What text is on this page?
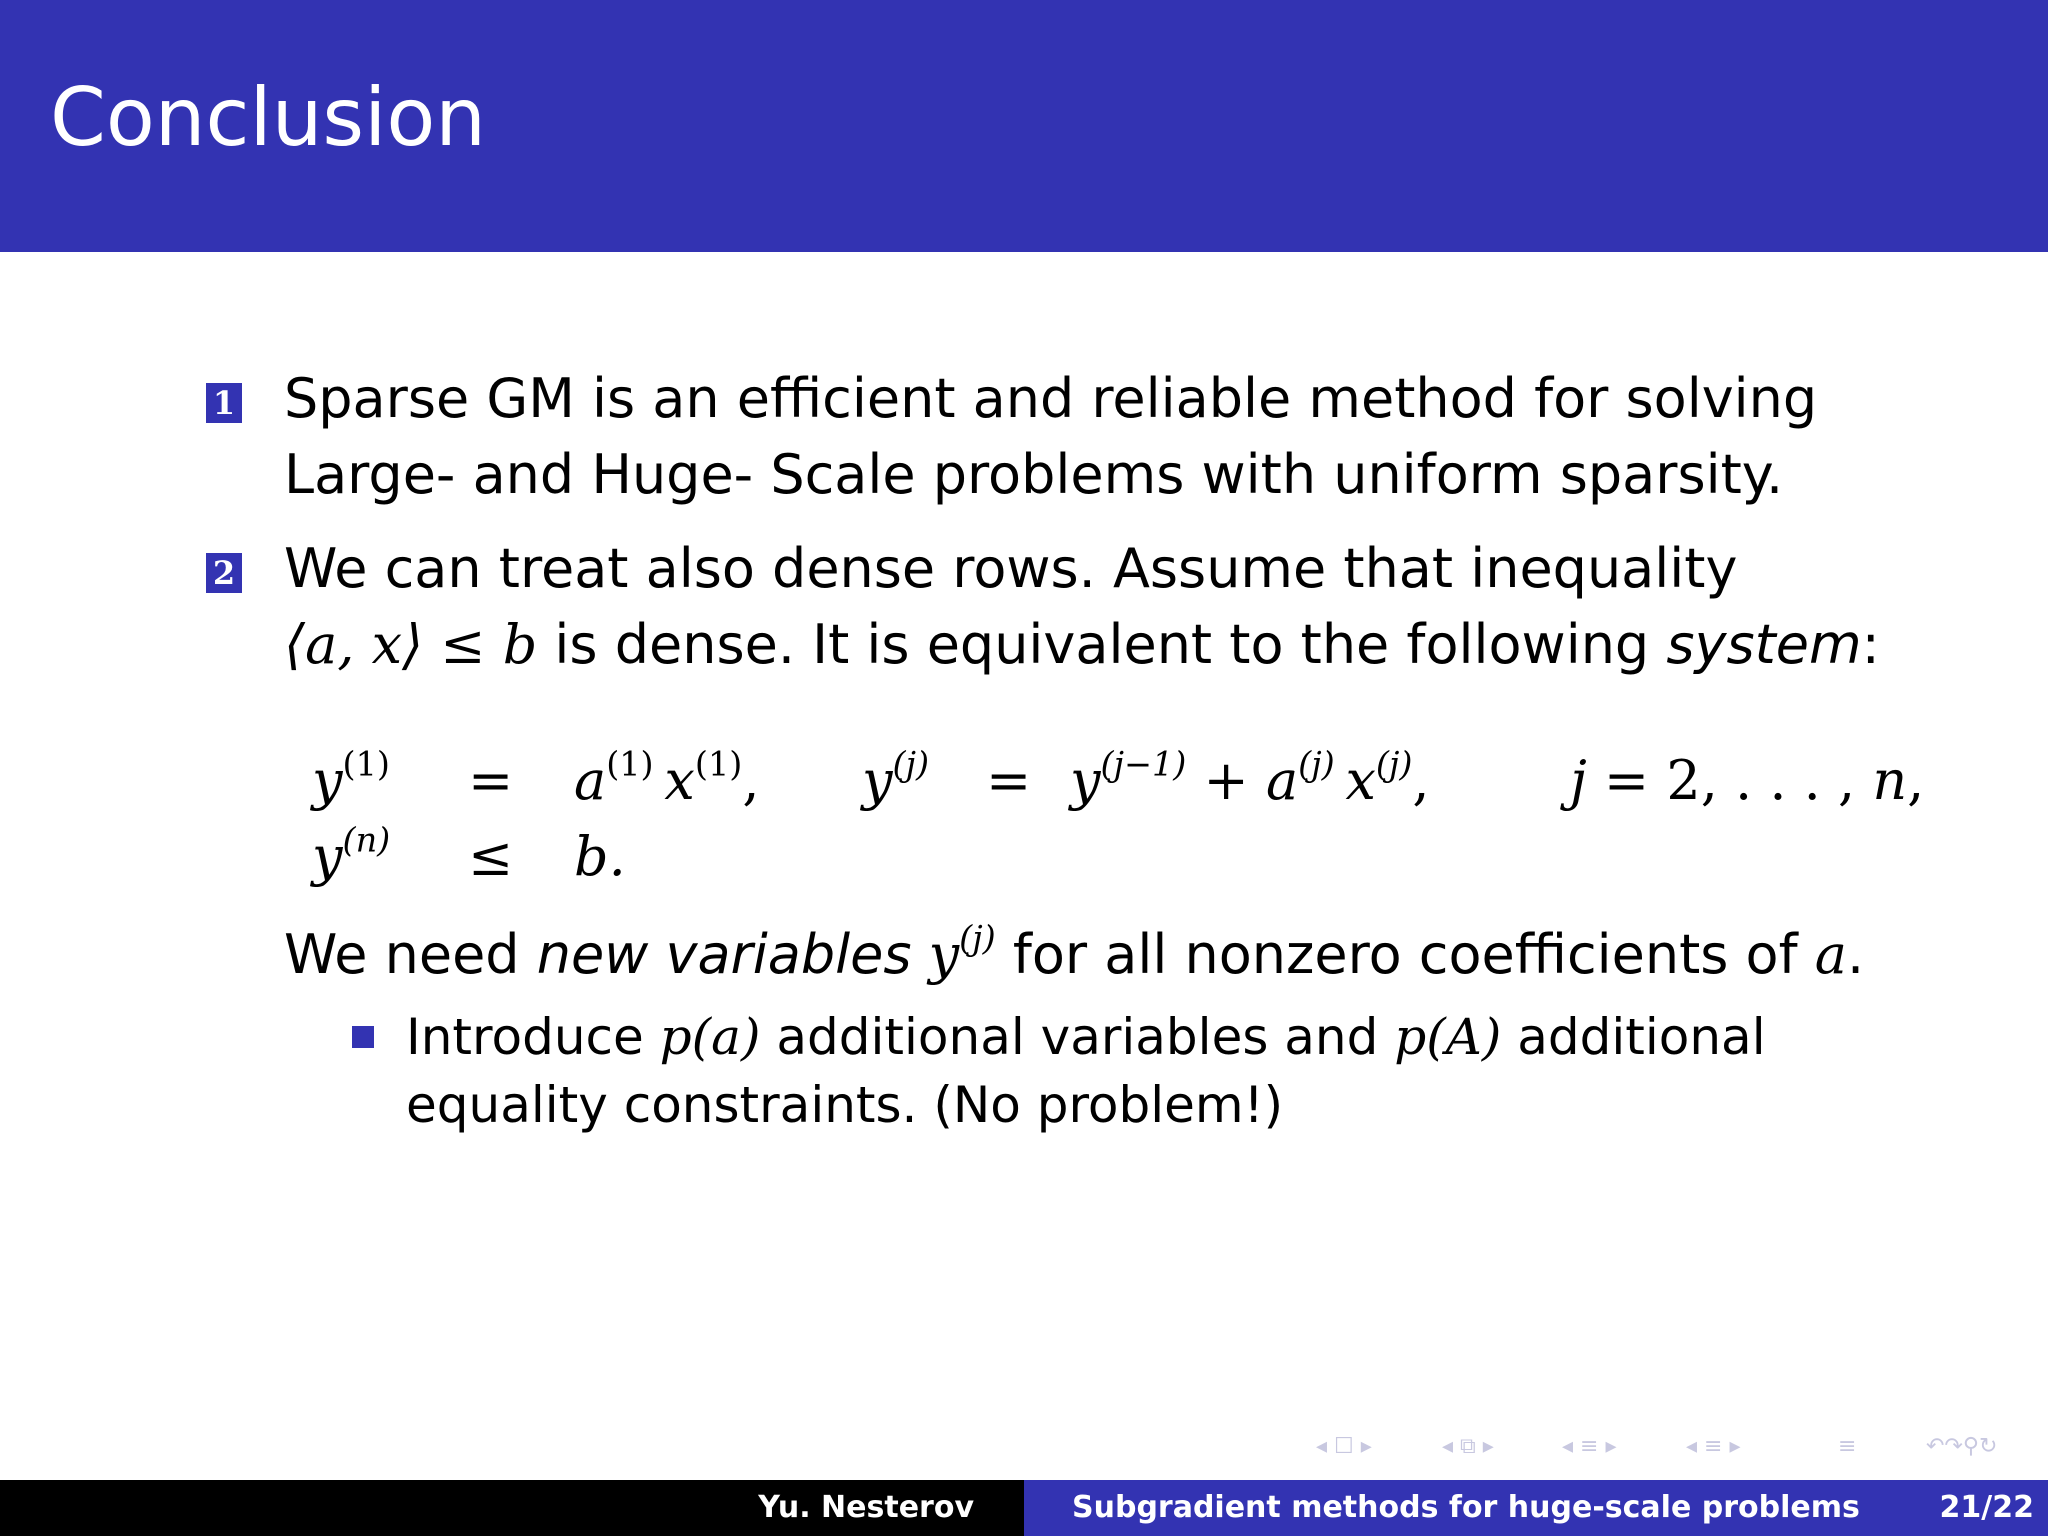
Conclusion
1 Sparse GM is an efficient and reliable method for solving
Large- and Huge- Scale problems with uniform sparsity.
2 We can treat also dense rows. Assume that inequality
⟨a, x⟩ ≤ b is dense. It is equivalent to the following system:
$y^{(1)} = a^{(1)}$  $x^{(1)}$, $y^{(j)} = y^{(j-1)} + a^{(j)}$  $x^{(j)}$,	j = 2, . . . , n,
$y^{(n)} \le b$.
We need new variables $y^{(j)}$ for all nonzero coefficients of a.
Introduce p(a) additional variables and p(A) additional
equality constraints. (No problem!)
◂ ☐ ▸	◂ ⧉ ▸	◂ ≡ ▸	◂ ≡ ▸	≡	↶↷⚲↻
Yu. Nesterov	Subgradient methods for huge-scale problems	21/22
